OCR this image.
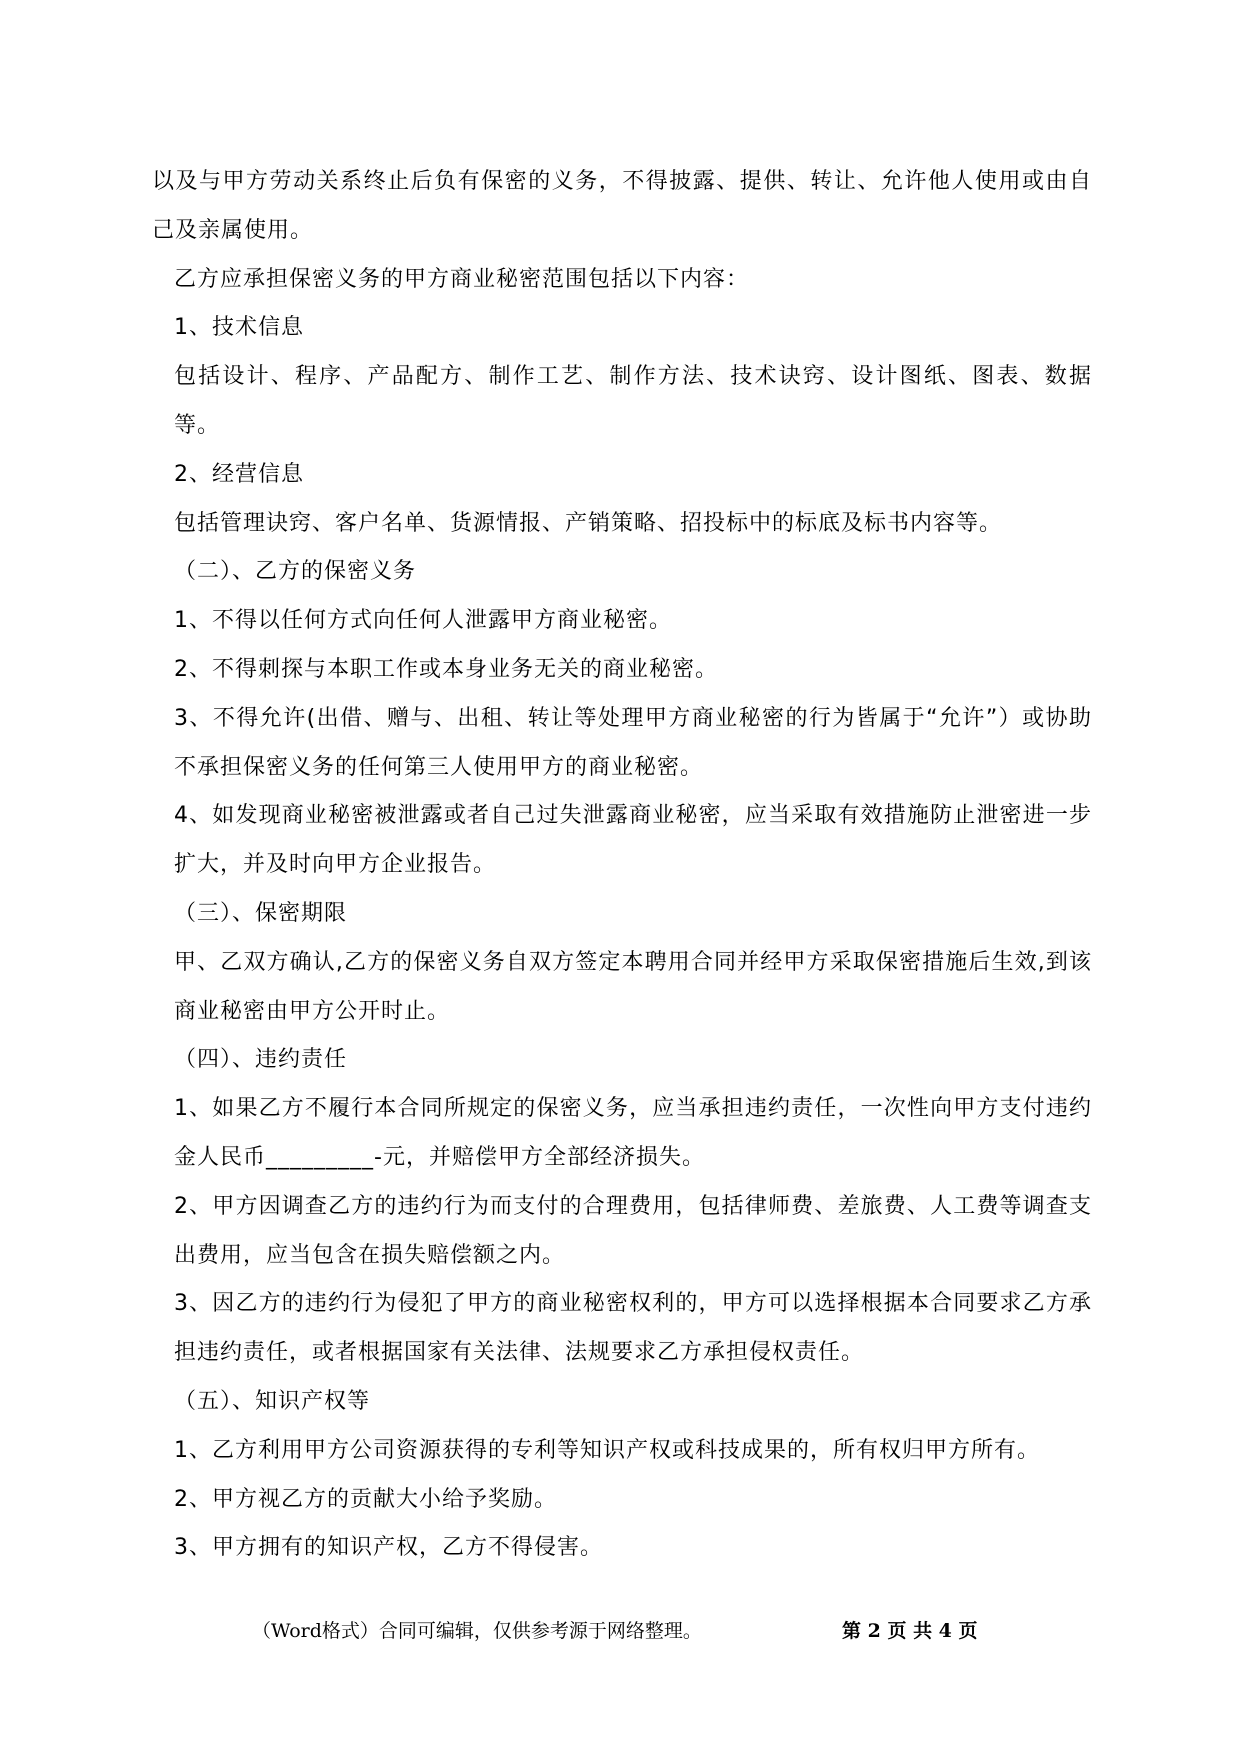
以及与甲方劳动关系终止后负有保密的义务，不得披露、提供、转让、允许他人使用或由自己及亲属使用。

乙方应承担保密义务的甲方商业秘密范围包括以下内容：

1、技术信息

包括设计、程序、产品配方、制作工艺、制作方法、技术诀窍、设计图纸、图表、数据等。

2、经营信息

包括管理诀窍、客户名单、货源情报、产销策略、招投标中的标底及标书内容等。

（二）、乙方的保密义务

1、不得以任何方式向任何人泄露甲方商业秘密。

2、不得刺探与本职工作或本身业务无关的商业秘密。

3、不得允许(出借、赠与、出租、转让等处理甲方商业秘密的行为皆属于“允许”）或协助不承担保密义务的任何第三人使用甲方的商业秘密。

4、如发现商业秘密被泄露或者自己过失泄露商业秘密，应当采取有效措施防止泄密进一步扩大，并及时向甲方企业报告。

（三）、保密期限

甲、乙双方确认,乙方的保密义务自双方签定本聘用合同并经甲方采取保密措施后生效,到该商业秘密由甲方公开时止。

（四）、违约责任

1、如果乙方不履行本合同所规定的保密义务，应当承担违约责任，一次性向甲方支付违约金人民币_________-元，并赔偿甲方全部经济损失。

2、甲方因调查乙方的违约行为而支付的合理费用，包括律师费、差旅费、人工费等调查支出费用，应当包含在损失赔偿额之内。

3、因乙方的违约行为侵犯了甲方的商业秘密权利的，甲方可以选择根据本合同要求乙方承担违约责任，或者根据国家有关法律、法规要求乙方承担侵权责任。

（五）、知识产权等

1、乙方利用甲方公司资源获得的专利等知识产权或科技成果的，所有权归甲方所有。

2、甲方视乙方的贡献大小给予奖励。

3、甲方拥有的知识产权，乙方不得侵害。

（Word格式）合同可编辑，仅供参考源于网络整理。	第 2 页 共 4 页
